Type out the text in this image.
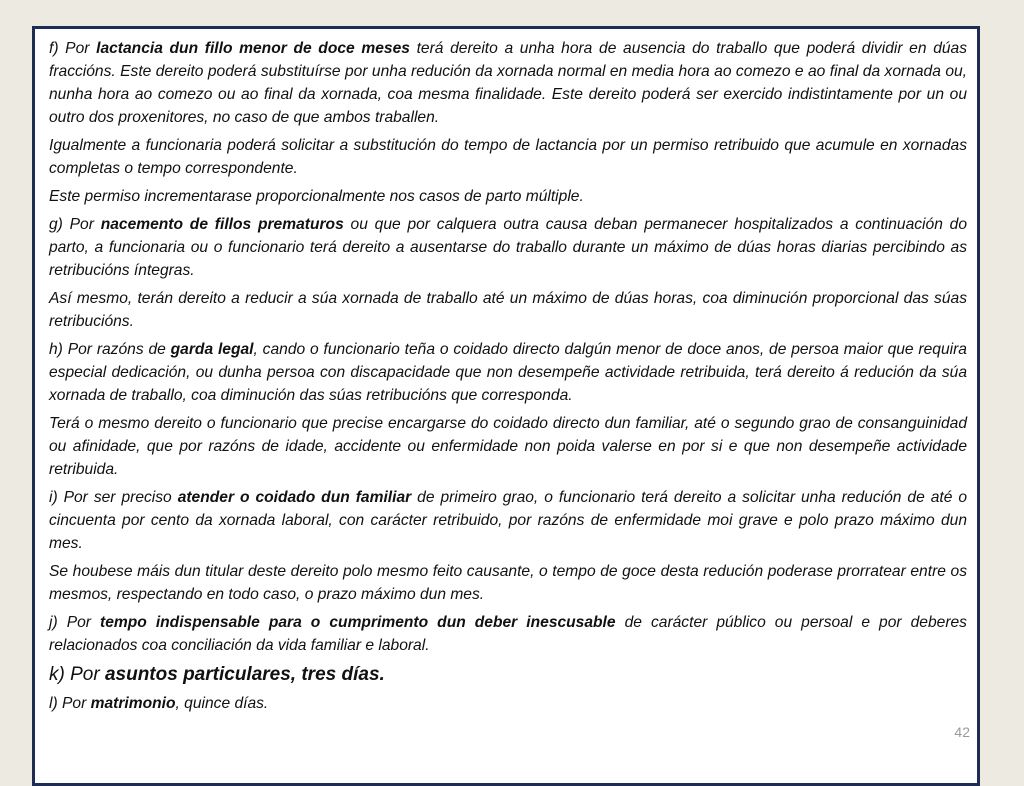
f) Por lactancia dun fillo menor de doce meses terá dereito a unha hora de ausencia do traballo que poderá dividir en dúas fraccións. Este dereito poderá substituírse por unha redución da xornada normal en media hora ao comezo e ao final da xornada ou, nunha hora ao comezo ou ao final da xornada, coa mesma finalidade. Este dereito poderá ser exercido indistintamente por un ou outro dos proxenitores, no caso de que ambos traballen.

Igualmente a funcionaria poderá solicitar a substitución do tempo de lactancia por un permiso retribuido que acumule en xornadas completas o tempo correspondente.

Este permiso incrementarase proporcionalmente nos casos de parto múltiple.

g) Por nacemento de fillos prematuros ou que por calquera outra causa deban permanecer hospitalizados a continuación do parto, a funcionaria ou o funcionario terá dereito a ausentarse do traballo durante un máximo de dúas horas diarias percibindo as retribucións íntegras.

Así mesmo, terán dereito a reducir a súa xornada de traballo até un máximo de dúas horas, coa diminución proporcional das súas retribucións.

h) Por razóns de garda legal, cando o funcionario teña o coidado directo dalgún menor de doce anos, de persoa maior que requira especial dedicación, ou dunha persoa con discapacidade que non desempeñe actividade retribuida, terá dereito á redución da súa xornada de traballo, coa diminución das súas retribucións que corresponda.

Terá o mesmo dereito o funcionario que precise encargarse do coidado directo dun familiar, até o segundo grao de consanguinidad ou afinidade, que por razóns de idade, accidente ou enfermidade non poida valerse en por si e que non desempeñe actividade retribuida.

i) Por ser preciso atender o coidado dun familiar de primeiro grao, o funcionario terá dereito a solicitar unha redución de até o cincuenta por cento da xornada laboral, con carácter retribuido, por razóns de enfermidade moi grave e polo prazo máximo dun mes.

Se houbese máis dun titular deste dereito polo mesmo feito causante, o tempo de goce desta redución poderase prorratear entre os mesmos, respectando en todo caso, o prazo máximo dun mes.

j) Por tempo indispensable para o cumprimento dun deber inescusable de carácter público ou persoal e por deberes relacionados coa conciliación da vida familiar e laboral.

k) Por asuntos particulares, tres días.

l) Por matrimonio, quince días.

42
